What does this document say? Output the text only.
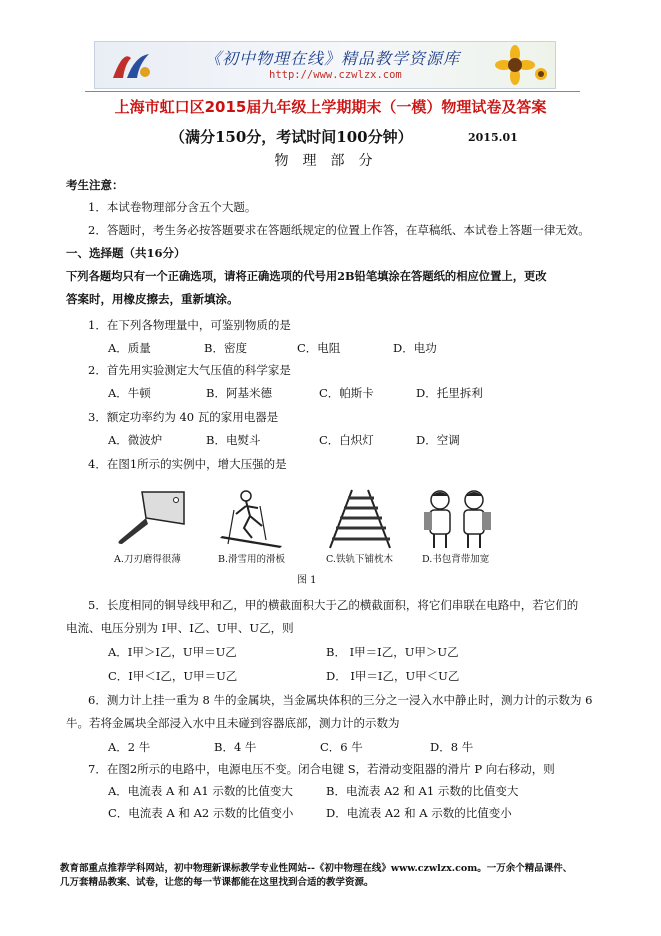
《初中物理在线》精品教学资源库
http://www.czwlzx.com
上海市虹口区2015届九年级上学期期末（一模）物理试卷及答案
（满分150分，考试时间100分钟）	2015.01
物理部分
考生注意：
1．本试卷物理部分含五个大题。
2．答题时，考生务必按答题要求在答题纸规定的位置上作答，在草稿纸、本试卷上答题一律无效。
一、选择题（共16分）
下列各题均只有一个正确选项，请将正确选项的代号用2B铅笔填涂在答题纸的相应位置上，更改
答案时，用橡皮擦去，重新填涂。
1．在下列各物理量中，可鉴别物质的是
A．质量	B．密度	C．电阻	D．电功
2．首先用实验测定大气压值的科学家是
A．牛顿	B．阿基米德	C．帕斯卡	D．托里拆利
3．额定功率约为 40 瓦的家用电器是
A．微波炉	B．电熨斗	C．白炽灯	D．空调
4．在图1所示的实例中，增大压强的是
A.刀刃磨得很薄	B.滑雪用的滑板	C.铁轨下铺枕木	D.书包背带加宽
图 1
5．长度相同的铜导线甲和乙，甲的横截面积大于乙的横截面积，将它们串联在电路中，若它们的
电流、电压分别为 I甲、I乙、U甲、U乙，则
A．I甲＞I乙，U甲＝U乙	B． I甲＝I乙，U甲＞U乙
C．I甲＜I乙，U甲＝U乙	D． I甲＝I乙，U甲＜U乙
6．测力计上挂一重为 8 牛的金属块，当金属块体积的三分之一浸入水中静止时，测力计的示数为 6
牛。若将金属块全部浸入水中且未碰到容器底部，测力计的示数为
A．2 牛	B．4 牛	C．6 牛	D．8 牛
7．在图2所示的电路中，电源电压不变。闭合电键 S，若滑动变阻器的滑片 P 向右移动，则
A．电流表 A 和 A1 示数的比值变大	B．电流表 A2 和 A1 示数的比值变大
C．电流表 A 和 A2 示数的比值变小	D．电流表 A2 和 A 示数的比值变小
教育部重点推荐学科网站，初中物理新课标教学专业性网站--《初中物理在线》www.czwlzx.com。一万余个精品课件、
几万套精品教案、试卷，让您的每一节课都能在这里找到合适的教学资源。
